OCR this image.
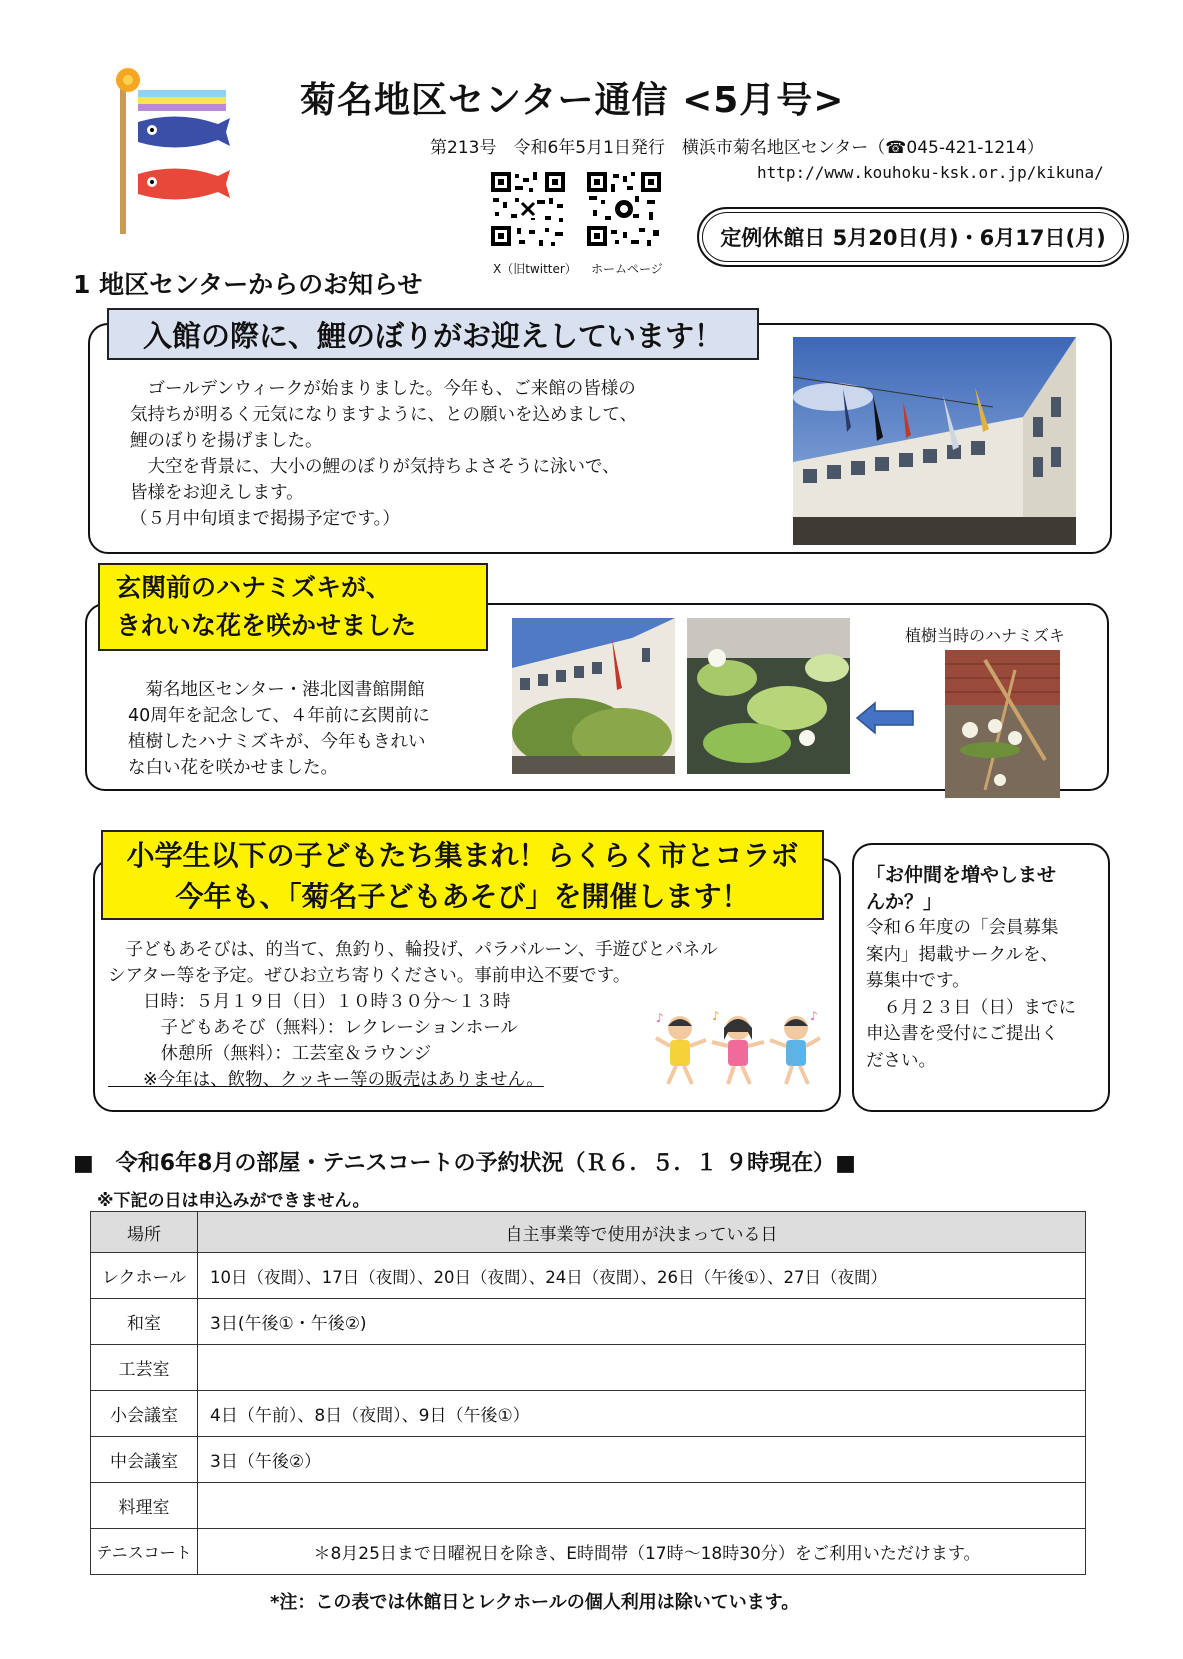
菊名地区センター通信 <5月号>
第213号　令和6年5月1日発行　横浜市菊名地区センター（☎045-421-1214）
http://www.kouhoku-ksk.or.jp/kikuna/
X（旧twitter） ホームページ
定例休館日 5月20日(月)・6月17日(月)
1 地区センターからのお知らせ
入館の際に、鯉のぼりがお迎えしています！
　ゴールデンウィークが始まりました。今年も、ご来館の皆様の
気持ちが明るく元気になりますように、との願いを込めまして、
鯉のぼりを揚げました。
　大空を背景に、大小の鯉のぼりが気持ちよさそうに泳いで、
皆様をお迎えします。
（５月中旬頃まで掲揚予定です。）
玄関前のハナミズキが、
きれいな花を咲かせました
　菊名地区センター・港北図書館開館
40周年を記念して、４年前に玄関前に
植樹したハナミズキが、今年もきれい
な白い花を咲かせました。
植樹当時のハナミズキ
小学生以下の子どもたち集まれ！らくらく市とコラボ
今年も、「菊名子どもあそび」を開催します！
　子どもあそびは、的当て、魚釣り、輪投げ、パラバルーン、手遊びとパネル
シアター等を予定。ぜひお立ち寄りください。事前申込不要です。
　　日時：５月１９日（日）１０時３０分～１３時
　　　子どもあそび（無料）：レクレーションホール
　　　休憩所（無料）：工芸室＆ラウンジ
　　※今年は、飲物、クッキー等の販売はありません。
♪	♪	♪
「お仲間を増やしませ
んか？」
令和６年度の「会員募集
案内」掲載サークルを、
募集中です。
　６月２３日（日）までに
申込書を受付にご提出く
ださい。
■　令和6年8月の部屋・テニスコートの予約状況（Ｒ６．５．１ ９時現在）■
※下記の日は申込みができません。
場所	自主事業等で使用が決まっている日
レクホール	10日（夜間）、17日（夜間）、20日（夜間）、24日（夜間）、26日（午後①）、27日（夜間）
和室	3日(午後①・午後②)
工芸室	
小会議室	4日（午前）、8日（夜間）、9日（午後①）
中会議室	3日（午後②）
料理室	
テニスコート	＊8月25日まで日曜祝日を除き、E時間帯（17時～18時30分）をご利用いただけます。
*注：この表では休館日とレクホールの個人利用は除いています。
